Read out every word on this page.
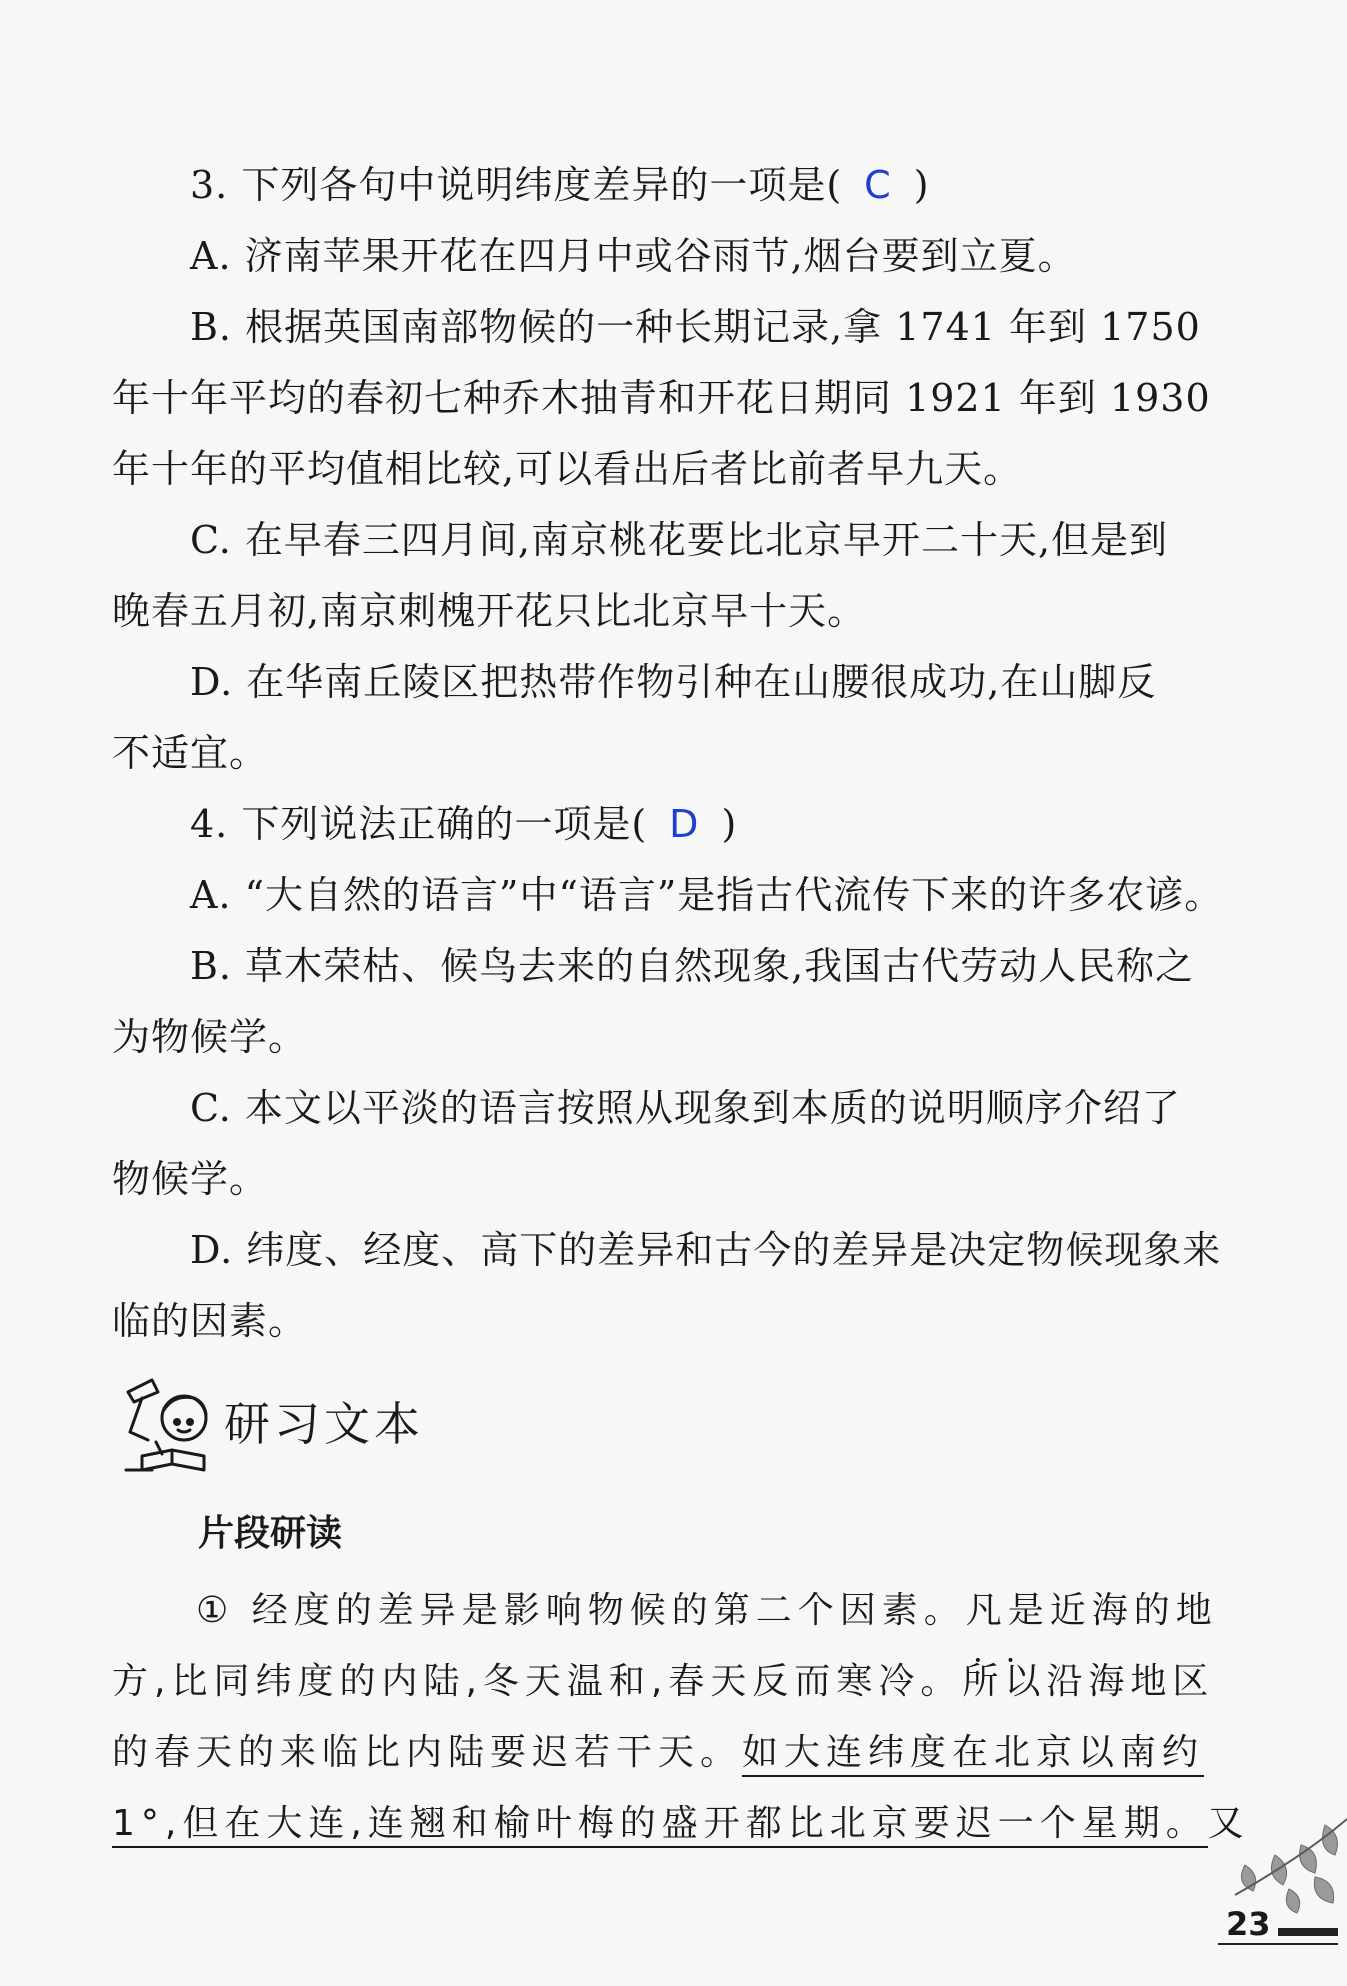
3. 下列各句中说明纬度差异的一项是( C )
A. 济南苹果开花在四月中或谷雨节,烟台要到立夏。
B. 根据英国南部物候的一种长期记录,拿 1741 年到 1750
年十年平均的春初七种乔木抽青和开花日期同 1921 年到 1930
年十年的平均值相比较,可以看出后者比前者早九天。
C. 在早春三四月间,南京桃花要比北京早开二十天,但是到
晚春五月初,南京刺槐开花只比北京早十天。
D. 在华南丘陵区把热带作物引种在山腰很成功,在山脚反
不适宜。
4. 下列说法正确的一项是( D )
A. “大自然的语言”中“语言”是指古代流传下来的许多农谚。
B. 草木荣枯、候鸟去来的自然现象,我国古代劳动人民称之
为物候学。
C. 本文以平淡的语言按照从现象到本质的说明顺序介绍了
物候学。
D. 纬度、经度、高下的差异和古今的差异是决定物候现象来
临的因素。
研习文本
片段研读
① 经度的差异是影响物候的第二个因素。凡是 • •近海的地
方,比同纬度的内陆,冬天温和,春天反而寒冷。所以沿海地区
的春天的来临比内陆要迟若干天。如大连纬度在北京以南约
1°,但在大连,连翘和榆叶梅的盛开都比北京要迟一个星期。又
23
